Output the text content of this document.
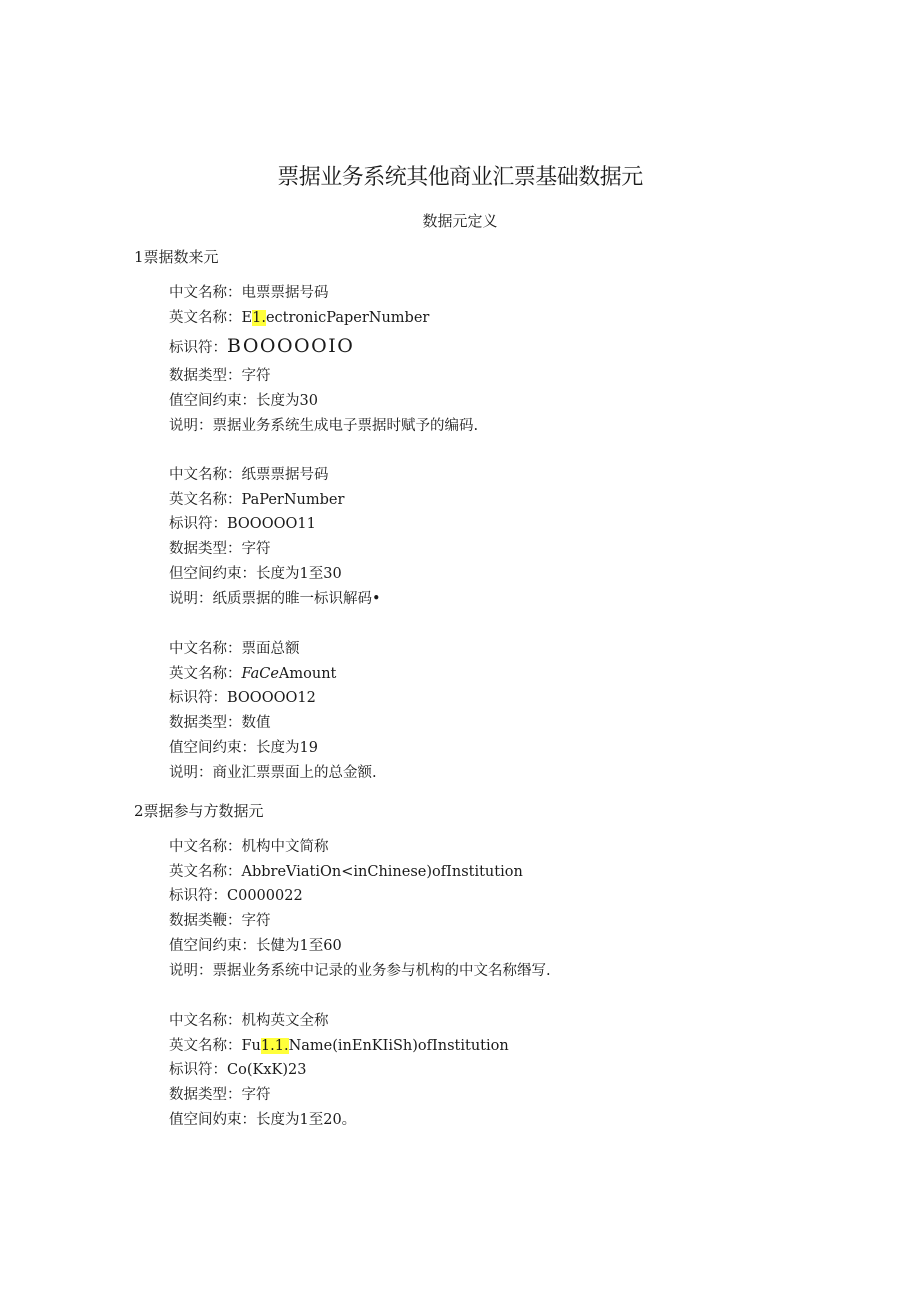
票据业务系统其他商业汇票基础数据元
数据元定义
1票据数来元
中文名称：电票票据号码
英文名称：E1.ectronicPaperNumber
标识符：BOOOOOIO
数据类型：字符
值空间约束：长度为30
说明：票据业务系统生成电子票据时赋予的编码.
中文名称：纸票票据号码
英文名称：PaPerNumber
标识符：BOOOOO11
数据类型：字符
但空间约束：长度为1至30
说明：纸质票据的睢一标识解码•
中文名称：票面总额
英文名称：FaCeAmount
标识符：BOOOOO12
数据类型：数值
值空间约束：长度为19
说明：商业汇票票面上的总金额.
2票据参与方数据元
中文名称：机构中文简称
英文名称：AbbreViatiOn<inChinese)ofInstitution
标识符：C0000022
数据类鞭：字符
值空间约束：长健为1至60
说明：票据业务系统中记录的业务参与机构的中文名称缗写.
中文名称：机构英文全称
英文名称：Fu1.1.Name(inEnKIiSh)ofInstitution
标识符：Co(KxK)23
数据类型：字符
值空间妁束：长度为1至20。
